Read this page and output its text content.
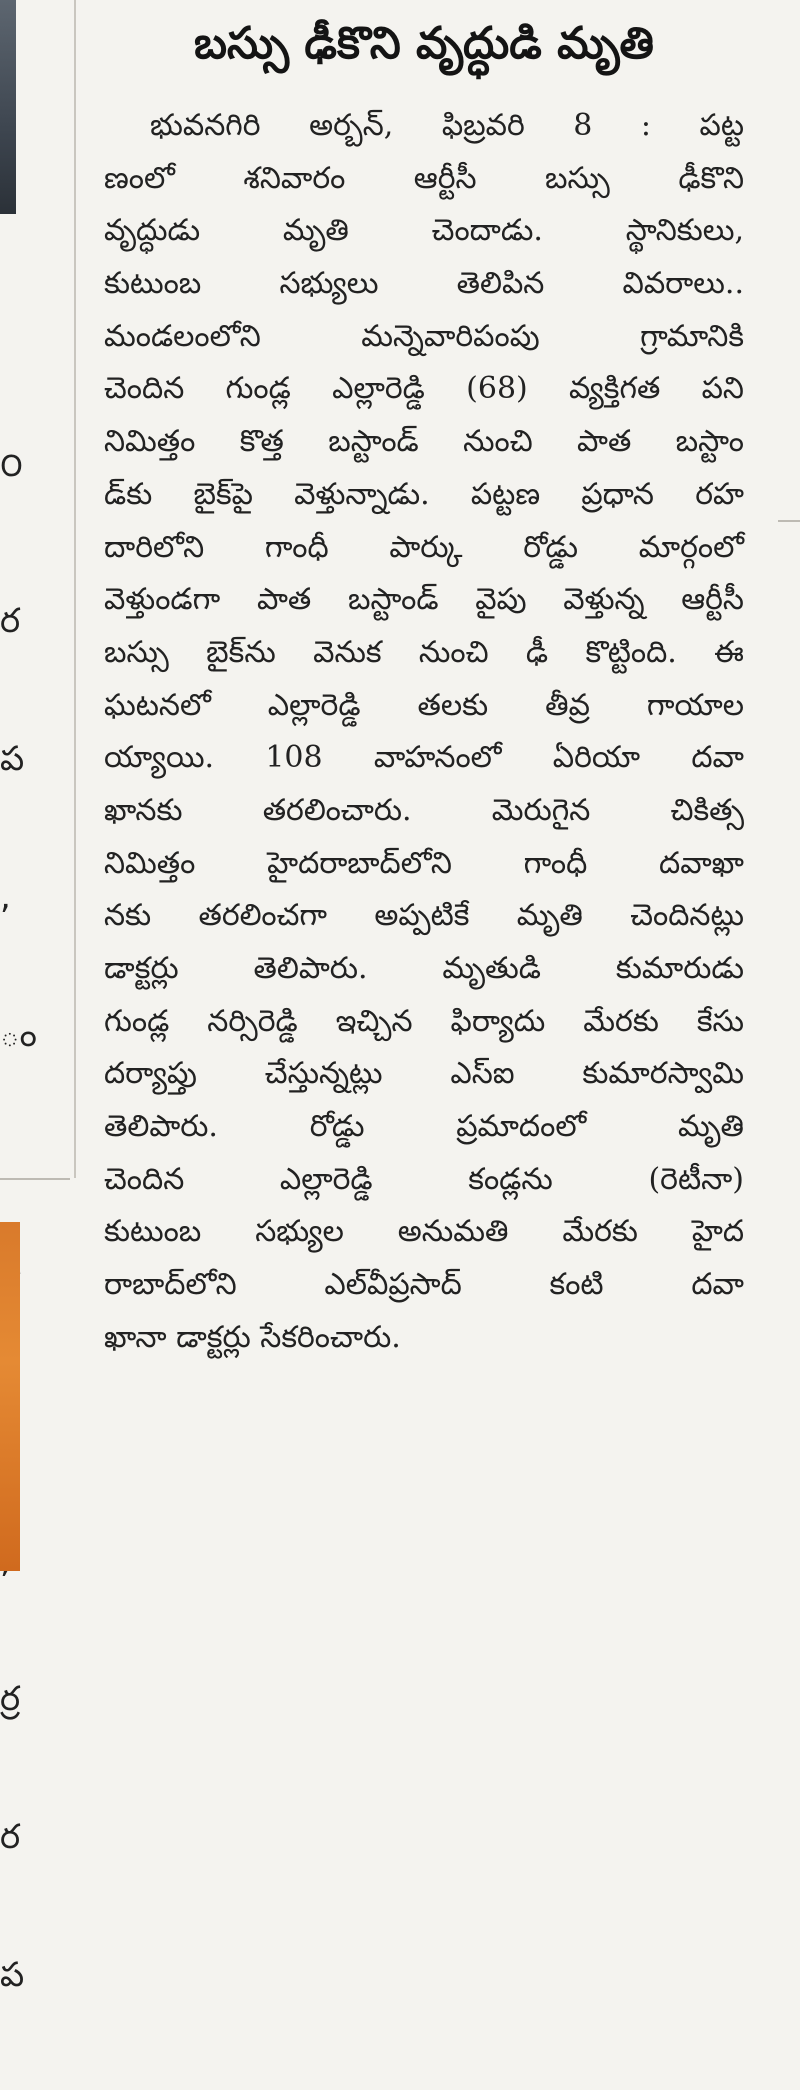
౦

ర

ప

,

ం

ర్ర

ర

ప

బస్సు ఢీకొని వృద్ధుడి మృతి
భువనగిరి అర్బన్, ఫిబ్రవరి 8 : పట్ట
ణంలో శనివారం ఆర్టీసీ బస్సు ఢీకొని
వృద్ధుడు మృతి చెందాడు. స్థానికులు,
కుటుంబ సభ్యులు తెలిపిన వివరాలు..
మండలంలోని మన్నెవారిపంపు గ్రామానికి
చెందిన గుండ్ల ఎల్లారెడ్డి (68) వ్యక్తిగత పని
నిమిత్తం కొత్త బస్టాండ్ నుంచి పాత బస్టాం
డ్‌కు బైక్‌పై వెళ్తున్నాడు. పట్టణ ప్రధాన రహ
దారిలోని గాంధీ పార్కు రోడ్డు మార్గంలో
వెళ్తుండగా పాత బస్టాండ్ వైపు వెళ్తున్న ఆర్టీసీ
బస్సు బైక్‌ను వెనుక నుంచి ఢీ కొట్టింది. ఈ
ఘటనలో ఎల్లారెడ్డి తలకు తీవ్ర గాయాల
య్యాయి. 108 వాహనంలో ఏరియా దవా
ఖానకు తరలించారు. మెరుగైన చికిత్స
నిమిత్తం హైదరాబాద్‌లోని గాంధీ దవాఖా
నకు తరలించగా అప్పటికే మృతి చెందినట్లు
డాక్టర్లు తెలిపారు. మృతుడి కుమారుడు
గుండ్ల నర్సిరెడ్డి ఇచ్చిన ఫిర్యాదు మేరకు కేసు
దర్యాప్తు చేస్తున్నట్లు ఎస్ఐ కుమారస్వామి
తెలిపారు. రోడ్డు ప్రమాదంలో మృతి
చెందిన ఎల్లారెడ్డి కండ్లను (రెటీనా)
కుటుంబ సభ్యుల అనుమతి మేరకు హైద
రాబాద్‌లోని ఎల్‌వీప్రసాద్ కంటి దవా
ఖానా డాక్టర్లు సేకరించారు.
